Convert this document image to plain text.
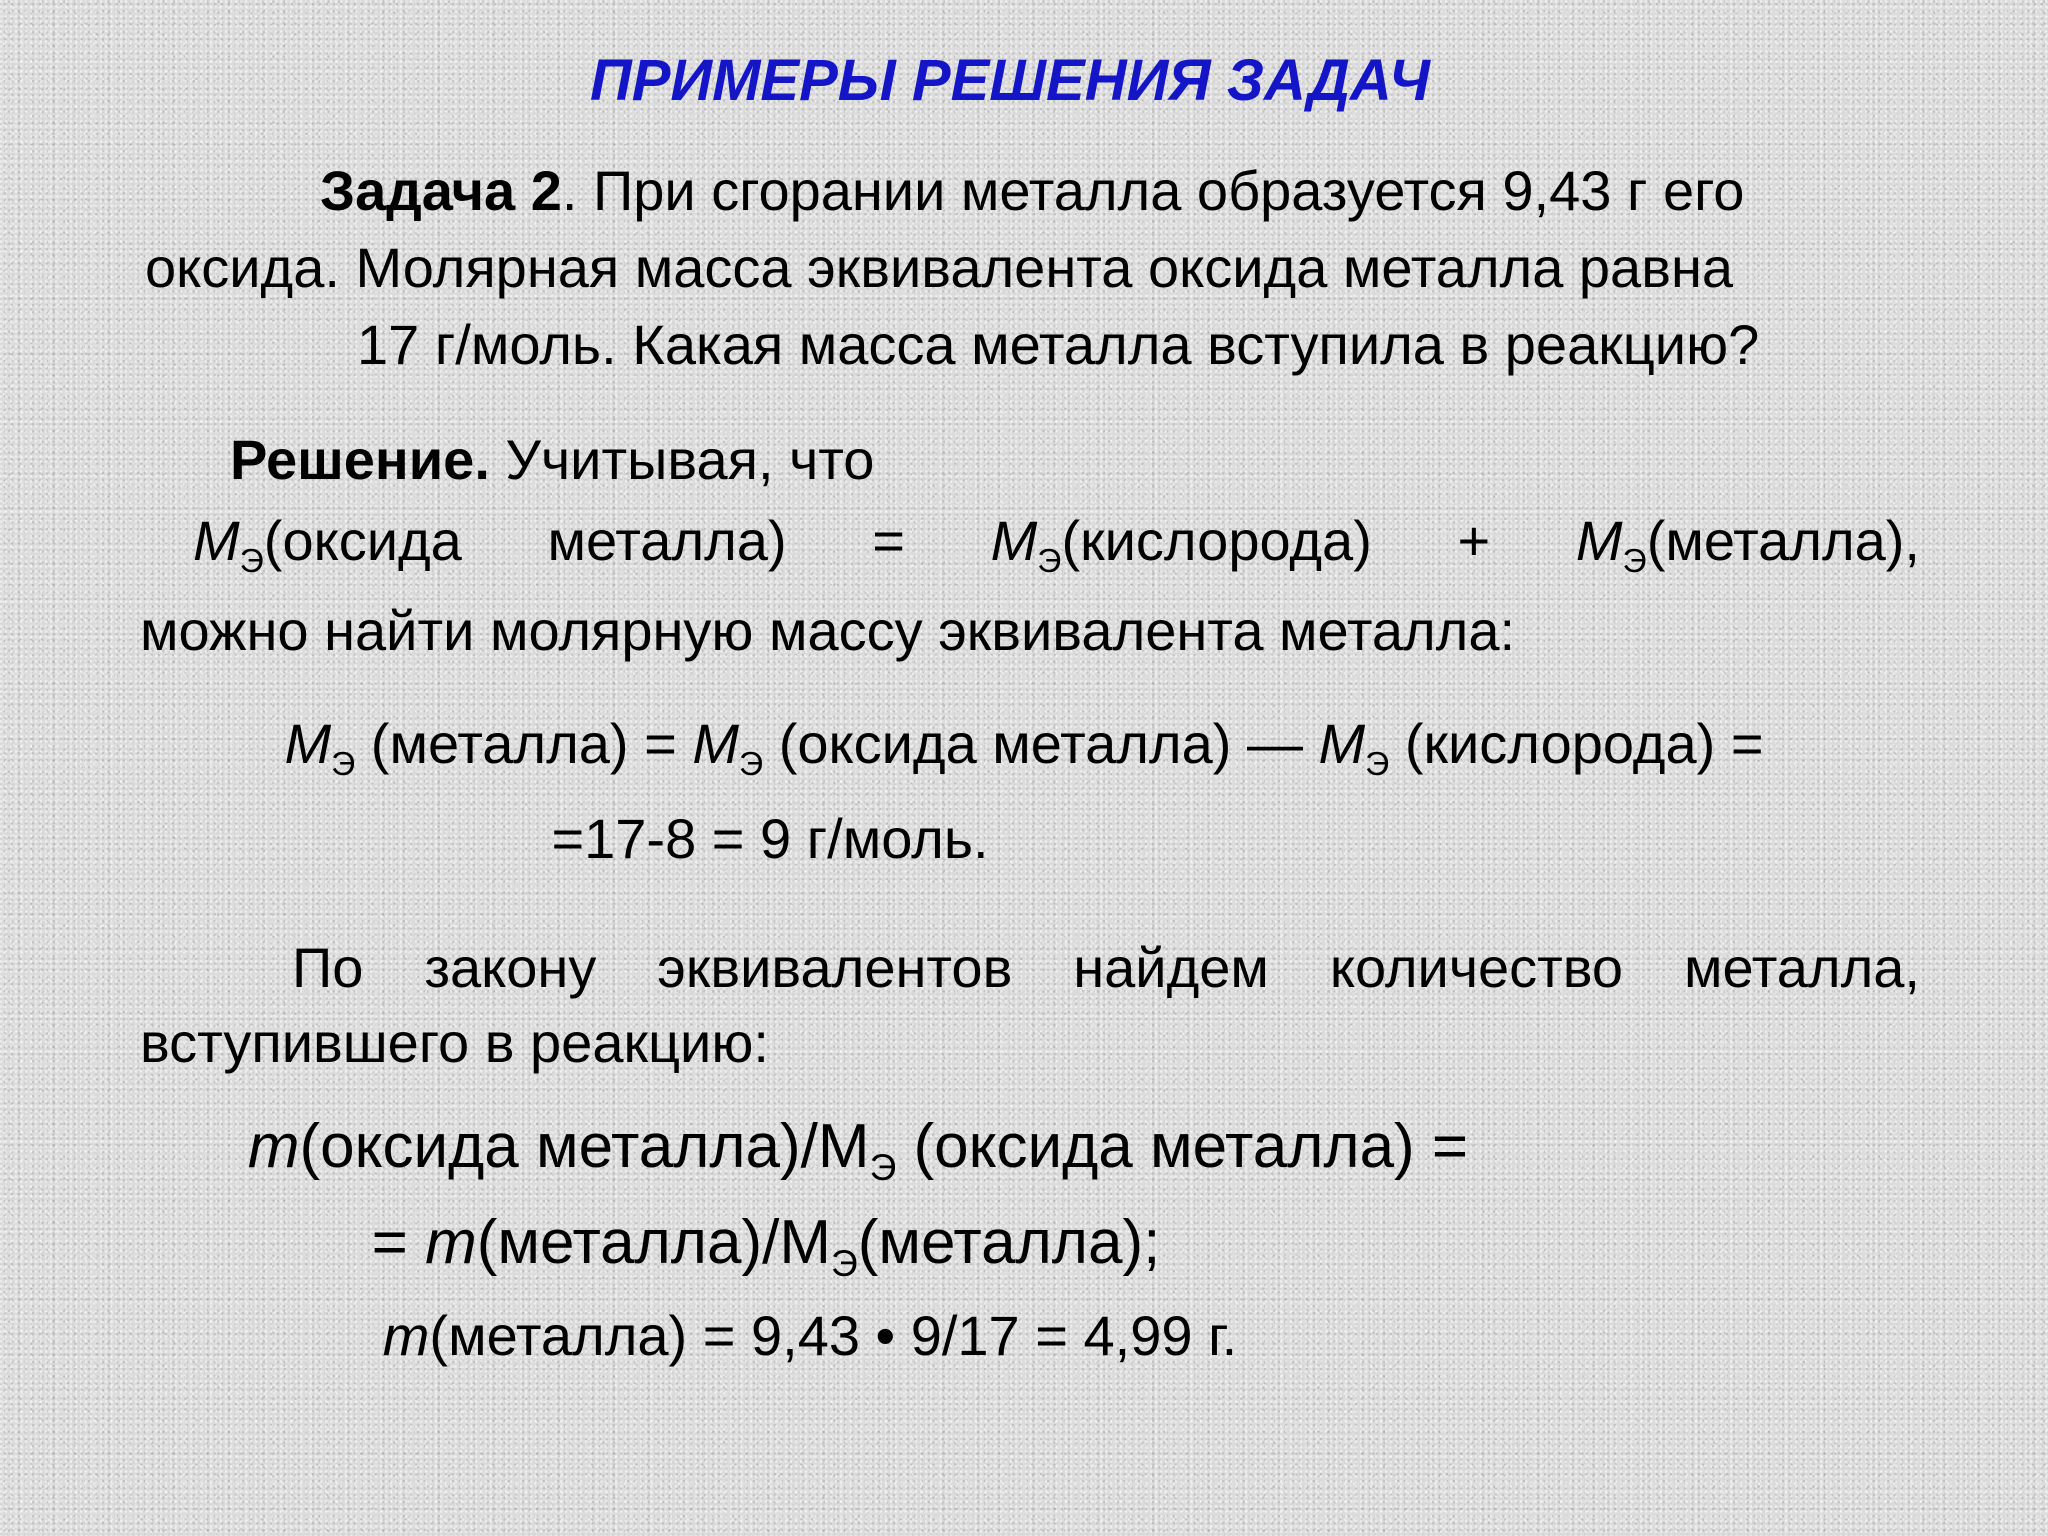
ПРИМЕРЫ РЕШЕНИЯ ЗАДАЧ
Задача 2. При сгорании металла образуется 9,43 г его
оксида. Молярная масса эквивалента оксида металла равна
17 г/моль. Какая масса металла вступила в реакцию?
Решение. Учитывая, что
$M_Э(оксида$ металла) = $M_Э(кислорода)$ + $M_Э(металла)$,
можно найти молярную массу эквивалента металла:
$M_Э$ (металла) = $M_Э$ (оксида металла) — $M_Э$ (кислорода) =
=17-8 = 9 г/моль.
По закону эквивалентов найдем количество металла,
вступившего в реакцию:
m(оксида $металла)/М_Э$ (оксида металла) =
= $m(металла)/М_Э(металла)$;
m(металла) = 9,43 • 9/17 = 4,99 г.
